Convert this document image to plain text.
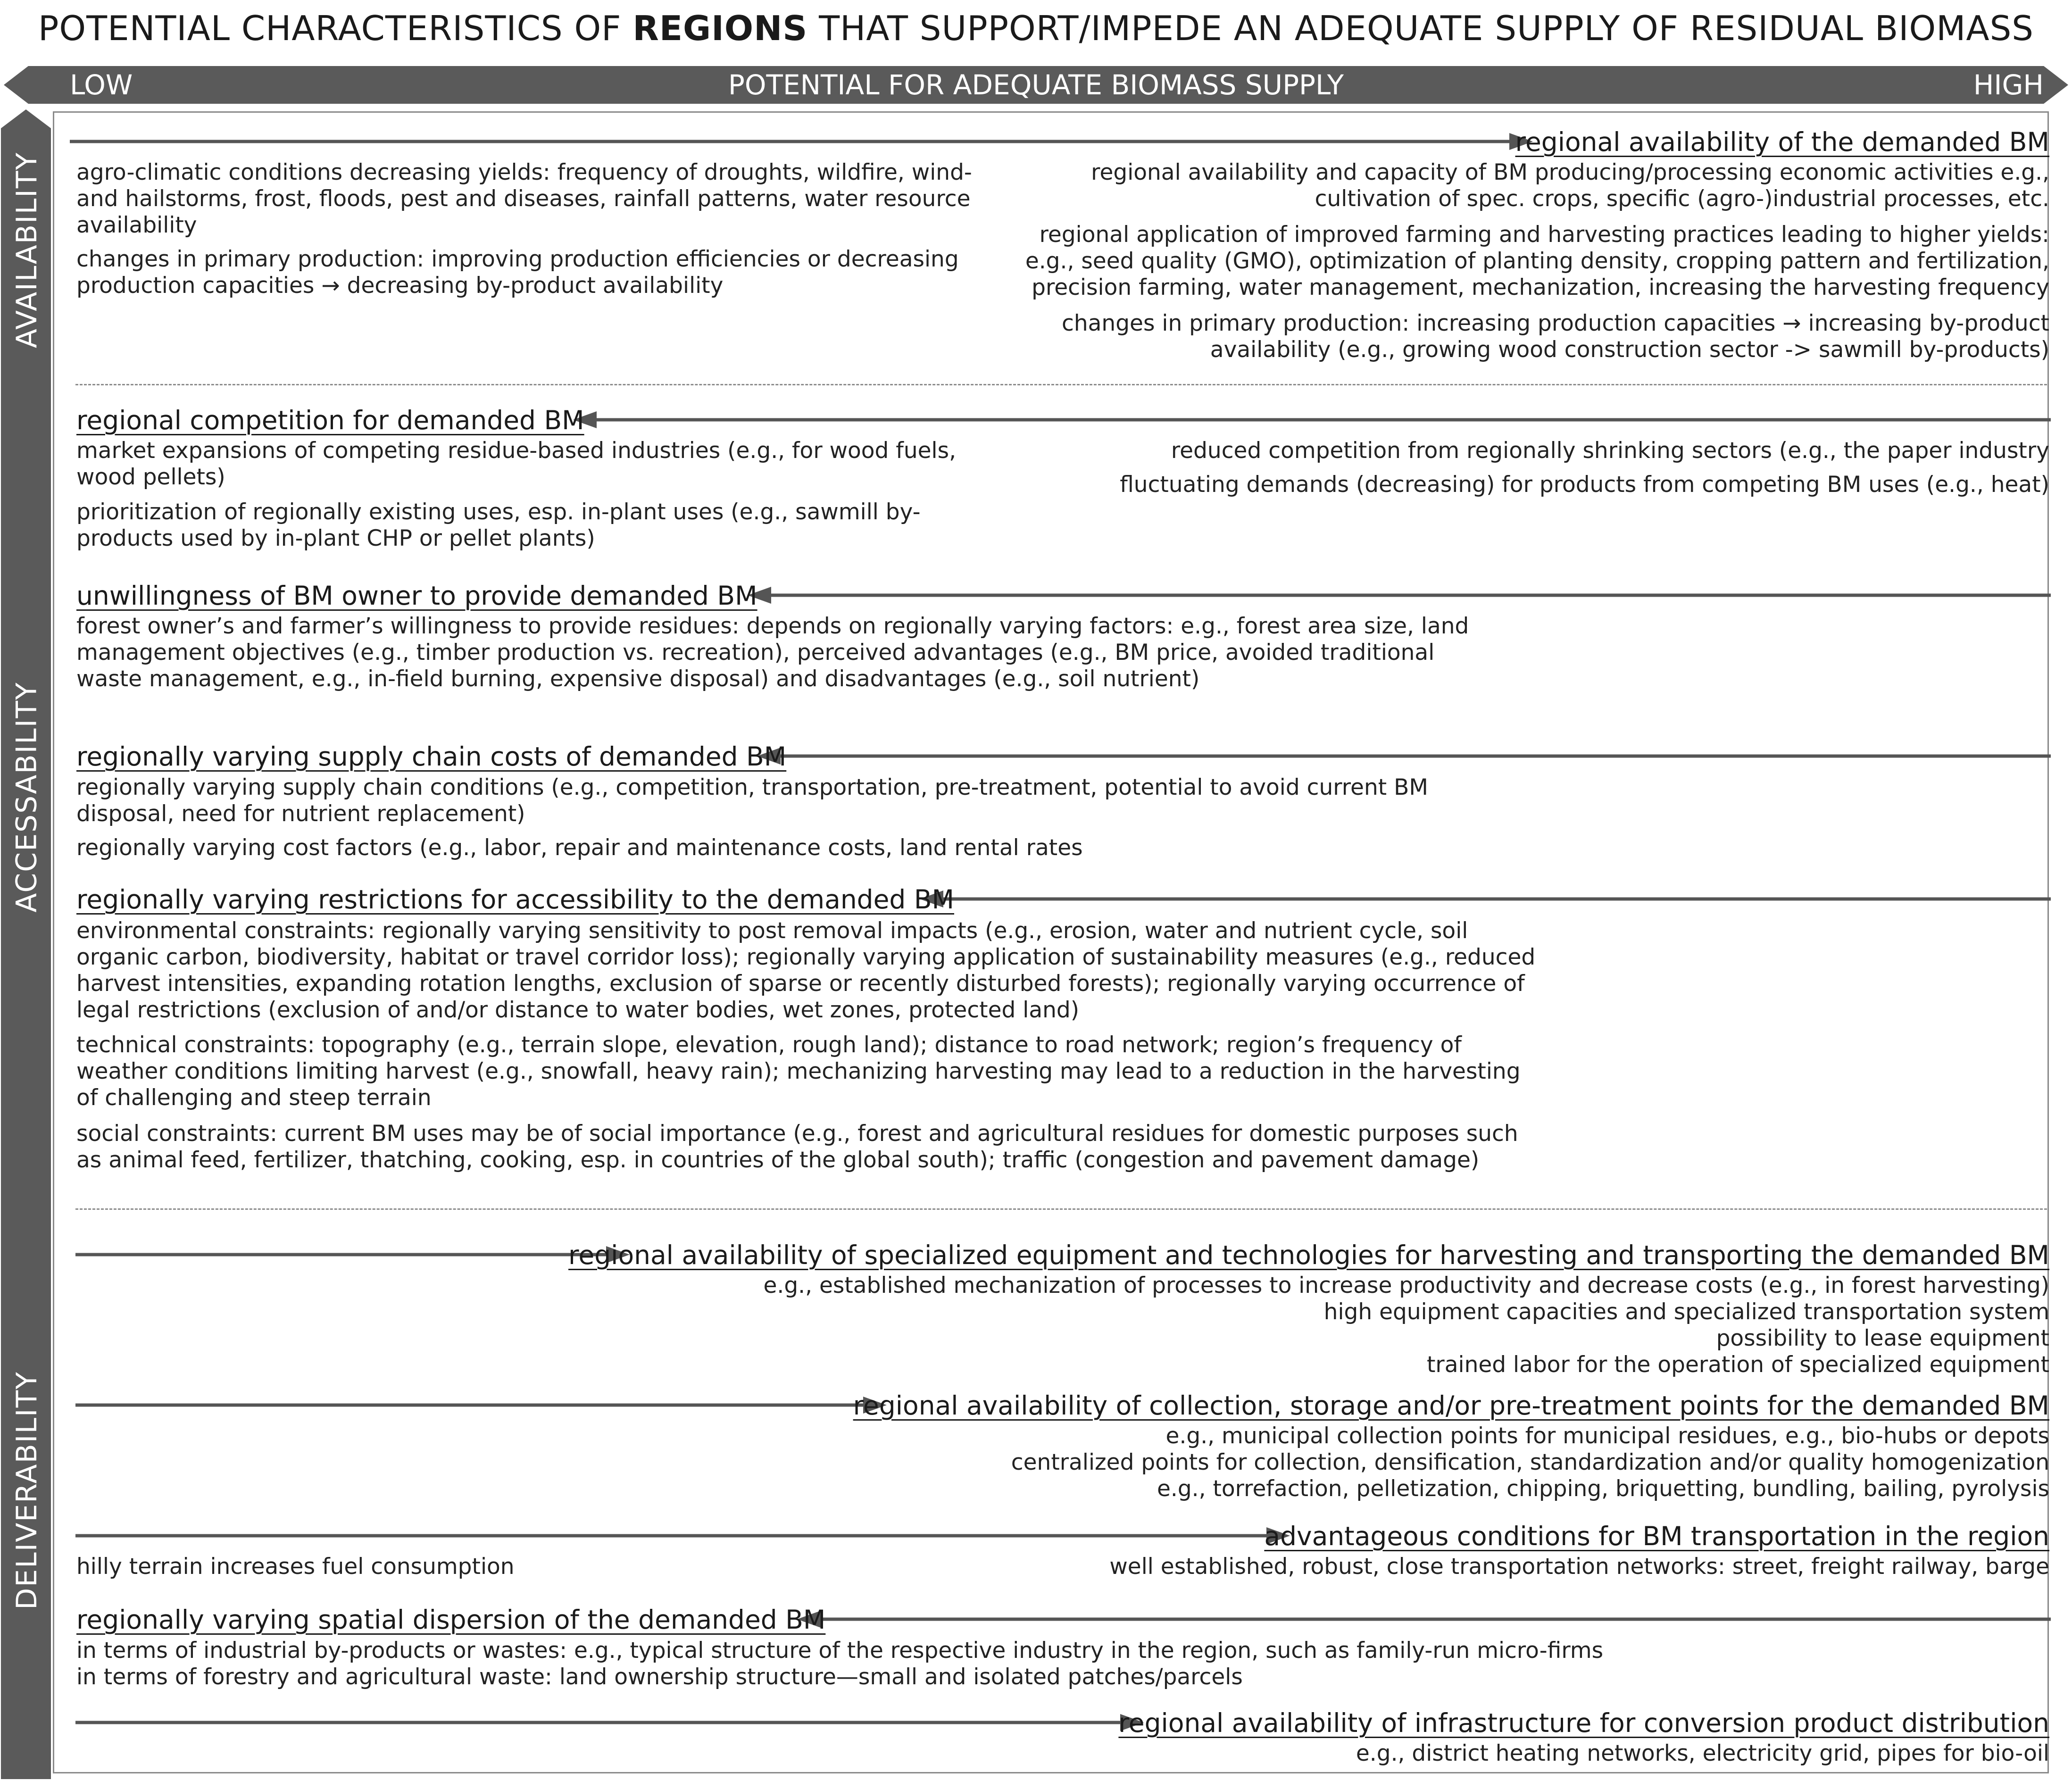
POTENTIAL CHARACTERISTICS OF REGIONS THAT SUPPORT/IMPEDE AN ADEQUATE SUPPLY OF RESIDUAL BIOMASS
LOW	POTENTIAL FOR ADEQUATE BIOMASS SUPPLY	HIGH
AVAILABILITY
ACCESSABILITY
DELIVERABILITY
regional availability of the demanded BM
agro-climatic conditions decreasing yields: frequency of droughts, wildfire, wind- and hailstorms, frost, floods, pest and diseases, rainfall patterns, water resource availability
changes in primary production: improving production efficiencies or decreasing production capacities → decreasing by-product availability
regional availability and capacity of BM producing/processing economic activities e.g., cultivation of spec. crops, specific (agro-)industrial processes, etc.
regional application of improved farming and harvesting practices leading to higher yields: e.g., seed quality (GMO), optimization of planting density, cropping pattern and fertilization, precision farming, water management, mechanization, increasing the harvesting frequency
changes in primary production: increasing production capacities → increasing by-product availability (e.g., growing wood construction sector -> sawmill by-products)
regional competition for demanded BM
market expansions of competing residue-based industries (e.g., for wood fuels, wood pellets)
prioritization of regionally existing uses, esp. in-plant uses (e.g., sawmill by-products used by in-plant CHP or pellet plants)
reduced competition from regionally shrinking sectors (e.g., the paper industry
fluctuating demands (decreasing) for products from competing BM uses (e.g., heat)
unwillingness of BM owner to provide demanded BM
forest owner’s and farmer’s willingness to provide residues: depends on regionally varying factors: e.g., forest area size, land management objectives (e.g., timber production vs. recreation), perceived advantages (e.g., BM price, avoided traditional waste management, e.g., in-field burning, expensive disposal) and disadvantages (e.g., soil nutrient)
regionally varying supply chain costs of demanded BM
regionally varying supply chain conditions (e.g., competition, transportation, pre-treatment, potential to avoid current BM disposal, need for nutrient replacement)
regionally varying cost factors (e.g., labor, repair and maintenance costs, land rental rates
regionally varying restrictions for accessibility to the demanded BM
environmental constraints: regionally varying sensitivity to post removal impacts (e.g., erosion, water and nutrient cycle, soil organic carbon, biodiversity, habitat or travel corridor loss); regionally varying application of sustainability measures (e.g., reduced harvest intensities, expanding rotation lengths, exclusion of sparse or recently disturbed forests); regionally varying occurrence of legal restrictions (exclusion of and/or distance to water bodies, wet zones, protected land)
technical constraints: topography (e.g., terrain slope, elevation, rough land); distance to road network; region’s frequency of weather conditions limiting harvest (e.g., snowfall, heavy rain); mechanizing harvesting may lead to a reduction in the harvesting of challenging and steep terrain
social constraints: current BM uses may be of social importance (e.g., forest and agricultural residues for domestic purposes such as animal feed, fertilizer, thatching, cooking, esp. in countries of the global south); traffic (congestion and pavement damage)
regional availability of specialized equipment and technologies for harvesting and transporting the demanded BM
e.g., established mechanization of processes to increase productivity and decrease costs (e.g., in forest harvesting)
high equipment capacities and specialized transportation system
possibility to lease equipment
trained labor for the operation of specialized equipment
regional availability of collection, storage and/or pre-treatment points for the demanded BM
e.g., municipal collection points for municipal residues, e.g., bio-hubs or depots
centralized points for collection, densification, standardization and/or quality homogenization
e.g., torrefaction, pelletization, chipping, briquetting, bundling, bailing, pyrolysis
advantageous conditions for BM transportation in the region
hilly terrain increases fuel consumption	well established, robust, close transportation networks: street, freight railway, barge
regionally varying spatial dispersion of the demanded BM
in terms of industrial by-products or wastes: e.g., typical structure of the respective industry in the region, such as family-run micro-firms
in terms of forestry and agricultural waste: land ownership structure—small and isolated patches/parcels
regional availability of infrastructure for conversion product distribution
e.g., district heating networks, electricity grid, pipes for bio-oil
